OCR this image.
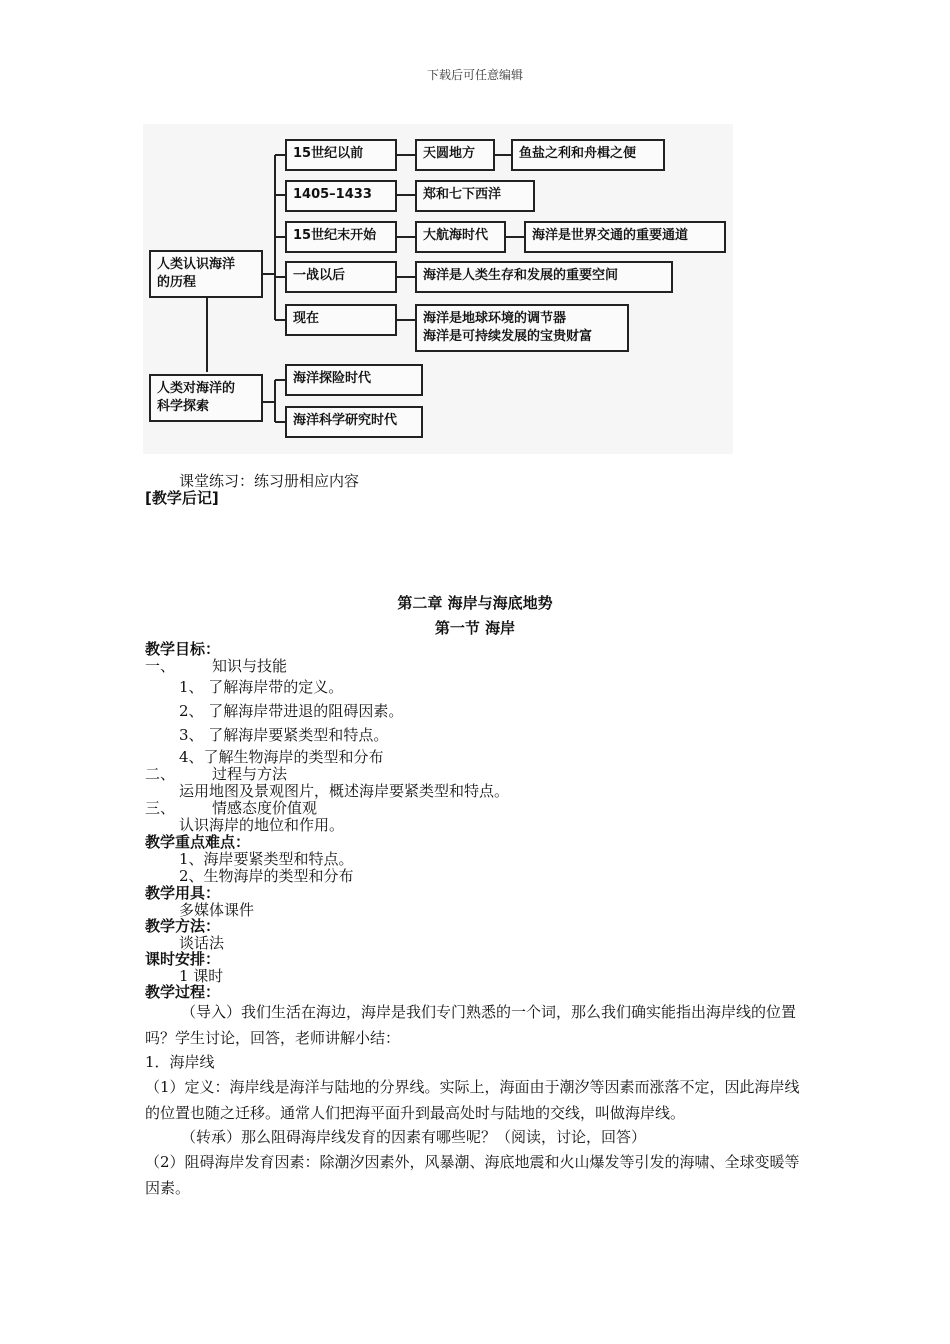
下载后可任意编辑
人类认识海洋
的历程
15世纪以前
1405–1433
15世纪末开始
一战以后
现在
天圆地方
郑和七下西洋
大航海时代
鱼盐之利和舟楫之便
海洋是世界交通的重要通道
海洋是人类生存和发展的重要空间
海洋是地球环境的调节器
海洋是可持续发展的宝贵财富
人类对海洋的
科学探索
海洋探险时代
海洋科学研究时代
课堂练习：练习册相应内容
[教学后记]
第二章 海岸与海底地势
第一节 海岸
教学目标：
一、 知识与技能
1、 了解海岸带的定义。
2、 了解海岸带进退的阻碍因素。
3、 了解海岸要紧类型和特点。
4、了解生物海岸的类型和分布
二、 过程与方法
运用地图及景观图片，概述海岸要紧类型和特点。
三、 情感态度价值观
认识海岸的地位和作用。
教学重点难点：
1、海岸要紧类型和特点。
2、生物海岸的类型和分布
教学用具：
多媒体课件
教学方法：
谈话法
课时安排：
1 课时
教学过程：
（导入）我们生活在海边，海岸是我们专门熟悉的一个词，那么我们确实能指出海岸线的位置吗？学生讨论，回答，老师讲解小结：
1．海岸线
（1）定义：海岸线是海洋与陆地的分界线。实际上，海面由于潮汐等因素而涨落不定，因此海岸线的位置也随之迁移。通常人们把海平面升到最高处时与陆地的交线，叫做海岸线。
（转承）那么阻碍海岸线发育的因素有哪些呢？（阅读，讨论，回答）
（2）阻碍海岸发育因素：除潮汐因素外，风暴潮、海底地震和火山爆发等引发的海啸、全球变暖等因素。
